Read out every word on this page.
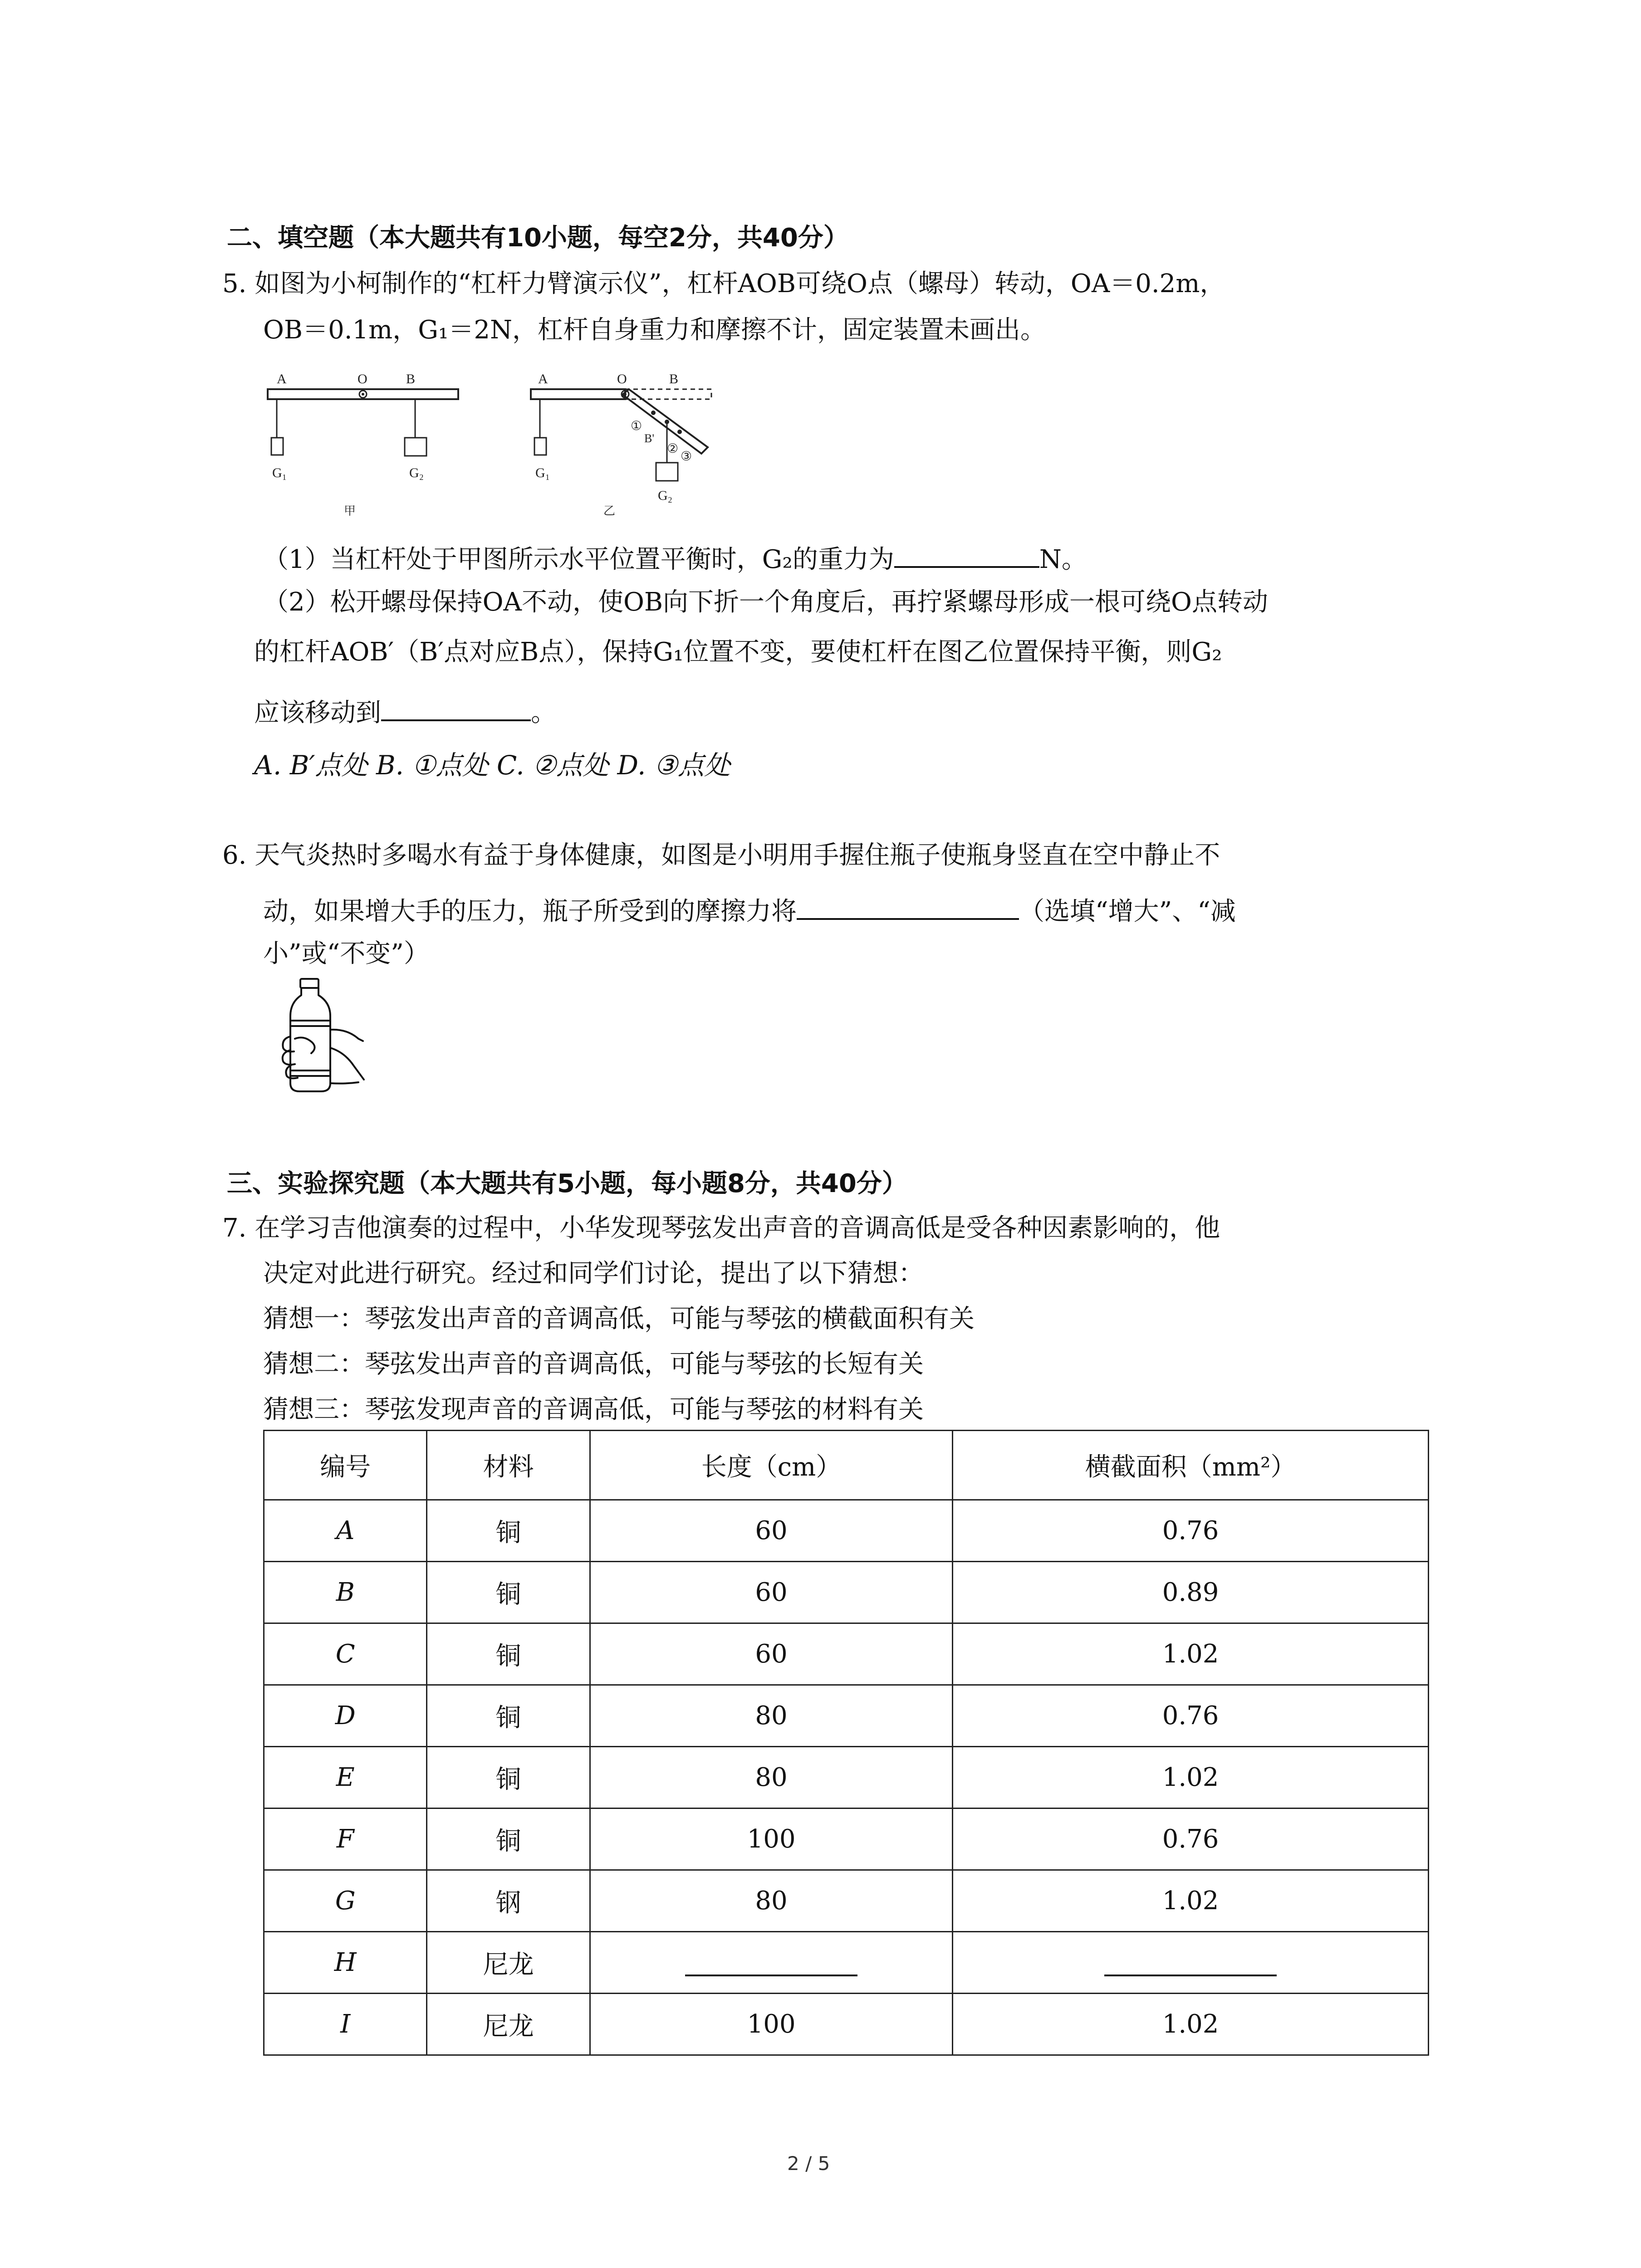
二、填空题（本大题共有10小题，每空2分，共40分）
5. 如图为小柯制作的“杠杆力臂演示仪”，杠杆AOB可绕O点（螺母）转动，OA＝0.2m，
OB＝0.1m，G₁＝2N，杠杆自身重力和摩擦不计，固定装置未画出。
A	O	B
G₁	G₂
甲
A	O	B
G₁
①
B'
②
③
G₂
乙
（1）当杠杆处于甲图所示水平位置平衡时，G₂的重力为	N。
（2）松开螺母保持OA不动，使OB向下折一个角度后，再拧紧螺母形成一根可绕O点转动
的杠杆AOB′（B′点对应B点），保持G₁位置不变，要使杠杆在图乙位置保持平衡，则G₂
应该移动到	。
A. B′点处 B. ①点处 C. ②点处 D. ③点处
6. 天气炎热时多喝水有益于身体健康，如图是小明用手握住瓶子使瓶身竖直在空中静止不
动，如果增大手的压力，瓶子所受到的摩擦力将	（选填“增大”、“减
小”或“不变”）
三、实验探究题（本大题共有5小题，每小题8分，共40分）
7. 在学习吉他演奏的过程中，小华发现琴弦发出声音的音调高低是受各种因素影响的，他
决定对此进行研究。经过和同学们讨论，提出了以下猜想：
猜想一：琴弦发出声音的音调高低，可能与琴弦的横截面积有关
猜想二：琴弦发出声音的音调高低，可能与琴弦的长短有关
猜想三：琴弦发现声音的音调高低，可能与琴弦的材料有关
编号	材料	长度（cm）	横截面积（mm²）
A	铜	60	0.76
B	铜	60	0.89
C	铜	60	1.02
D	铜	80	0.76
E	铜	80	1.02
F	铜	100	0.76
G	钢	80	1.02
H	尼龙		
I	尼龙	100	1.02
2 / 5
